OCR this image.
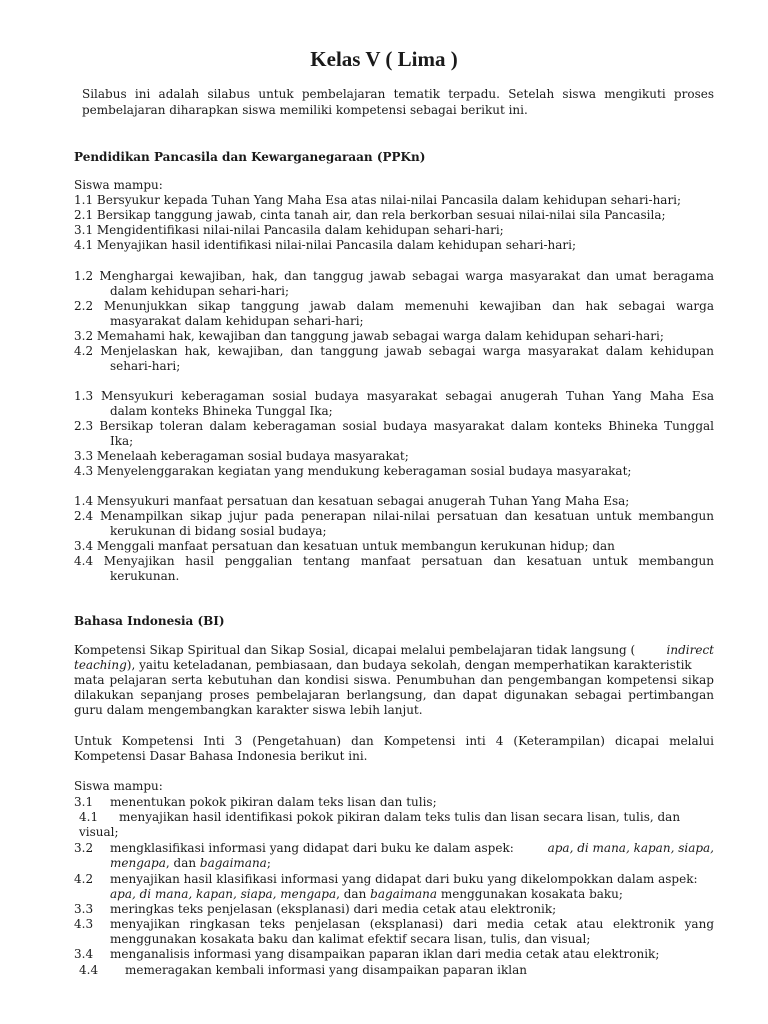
Kelas V ( Lima )
Silabus ini adalah silabus untuk pembelajaran tematik terpadu. Setelah siswa mengikuti proses
pembelajaran diharapkan siswa memiliki kompetensi sebagai berikut ini.
Pendidikan Pancasila dan Kewarganegaraan (PPKn)
Siswa mampu:
1.1 Bersyukur kepada Tuhan Yang Maha Esa atas nilai-nilai Pancasila dalam kehidupan sehari-hari;
2.1 Bersikap tanggung jawab, cinta tanah air, dan rela berkorban sesuai nilai-nilai sila Pancasila;
3.1 Mengidentifikasi nilai-nilai Pancasila dalam kehidupan sehari-hari;
4.1 Menyajikan hasil identifikasi nilai-nilai Pancasila dalam kehidupan sehari-hari;
1.2 Menghargai kewajiban, hak, dan tanggug jawab sebagai warga masyarakat dan umat beragama
dalam kehidupan sehari-hari;
2.2 Menunjukkan sikap tanggung jawab dalam memenuhi kewajiban dan hak sebagai warga
masyarakat dalam kehidupan sehari-hari;
3.2 Memahami hak, kewajiban dan tanggung jawab sebagai warga dalam kehidupan sehari-hari;
4.2 Menjelaskan hak, kewajiban, dan tanggung jawab sebagai warga masyarakat dalam kehidupan
sehari-hari;
1.3 Mensyukuri keberagaman sosial budaya masyarakat sebagai anugerah Tuhan Yang Maha Esa
dalam konteks Bhineka Tunggal Ika;
2.3 Bersikap toleran dalam keberagaman sosial budaya masyarakat dalam konteks Bhineka Tunggal
Ika;
3.3 Menelaah keberagaman sosial budaya masyarakat;
4.3 Menyelenggarakan kegiatan yang mendukung keberagaman sosial budaya masyarakat;
1.4 Mensyukuri manfaat persatuan dan kesatuan sebagai anugerah Tuhan Yang Maha Esa;
2.4 Menampilkan sikap jujur pada penerapan nilai-nilai persatuan dan kesatuan untuk membangun
kerukunan di bidang sosial budaya;
3.4 Menggali manfaat persatuan dan kesatuan untuk membangun kerukunan hidup; dan
4.4 Menyajikan hasil penggalian tentang manfaat persatuan dan kesatuan untuk membangun
kerukunan.
Bahasa Indonesia (BI)
Kompetensi Sikap Spiritual dan Sikap Sosial, dicapai melalui pembelajaran tidak langsung (	indirect
teaching), yaitu keteladanan, pembiasaan, dan budaya sekolah, dengan memperhatikan karakteristik
mata pelajaran serta kebutuhan dan kondisi siswa. Penumbuhan dan pengembangan kompetensi sikap
dilakukan sepanjang proses pembelajaran berlangsung, dan dapat digunakan sebagai pertimbangan
guru dalam mengembangkan karakter siswa lebih lanjut.
Untuk Kompetensi Inti 3 (Pengetahuan) dan Kompetensi inti 4 (Keterampilan) dicapai melalui
Kompetensi Dasar Bahasa Indonesia berikut ini.
Siswa mampu:
3.1 menentukan pokok pikiran dalam teks lisan dan tulis;
4.1 menyajikan hasil identifikasi pokok pikiran dalam teks tulis dan lisan secara lisan, tulis, dan
visual;
3.2 mengklasifikasi informasi yang didapat dari buku ke dalam aspek:	apa, di mana, kapan, siapa,
mengapa, dan bagaimana;
4.2 menyajikan hasil klasifikasi informasi yang didapat dari buku yang dikelompokkan dalam aspek:
apa, di mana, kapan, siapa, mengapa, dan bagaimana menggunakan kosakata baku;
3.3 meringkas teks penjelasan (eksplanasi) dari media cetak atau elektronik;
4.3 menyajikan ringkasan teks penjelasan (eksplanasi) dari media cetak atau elektronik yang
menggunakan kosakata baku dan kalimat efektif secara lisan, tulis, dan visual;
3.4 menganalisis informasi yang disampaikan paparan iklan dari media cetak atau elektronik;
4.4 memeragakan kembali informasi yang disampaikan paparan iklan
